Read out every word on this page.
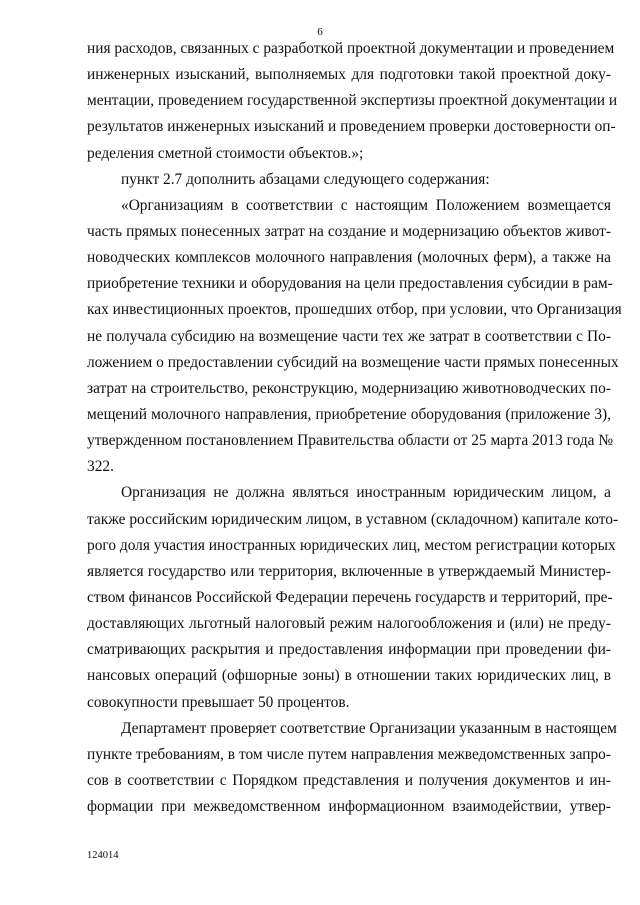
6
ния расходов, связанных с разработкой проектной документации и проведением
инженерных изысканий, выполняемых для подготовки такой проектной доку-
ментации, проведением государственной экспертизы проектной документации и
результатов инженерных изысканий и проведением проверки достоверности оп-
ределения сметной стоимости объектов.»;
пункт 2.7 дополнить абзацами следующего содержания:
«Организациям в соответствии с настоящим Положением возмещается
часть прямых понесенных затрат на создание и модернизацию объектов живот-
новодческих комплексов молочного направления (молочных ферм), а также на
приобретение техники и оборудования на цели предоставления субсидии в рам-
ках инвестиционных проектов, прошедших отбор, при условии, что Организация
не получала субсидию на возмещение части тех же затрат в соответствии с По-
ложением о предоставлении субсидий на возмещение части прямых понесенных
затрат на строительство, реконструкцию, модернизацию животноводческих по-
мещений молочного направления, приобретение оборудования (приложение 3),
утвержденном постановлением Правительства области от 25 марта 2013 года №
322.
Организация не должна являться иностранным юридическим лицом, а
также российским юридическим лицом, в уставном (складочном) капитале кото-
рого доля участия иностранных юридических лиц, местом регистрации которых
является государство или территория, включенные в утверждаемый Министер-
ством финансов Российской Федерации перечень государств и территорий, пре-
доставляющих льготный налоговый режим налогообложения и (или) не преду-
сматривающих раскрытия и предоставления информации при проведении фи-
нансовых операций (офшорные зоны) в отношении таких юридических лиц, в
совокупности превышает 50 процентов.
Департамент проверяет соответствие Организации указанным в настоящем
пункте требованиям, в том числе путем направления межведомственных запро-
сов в соответствии с Порядком представления и получения документов и ин-
формации при межведомственном информационном взаимодействии, утвер-
124014
